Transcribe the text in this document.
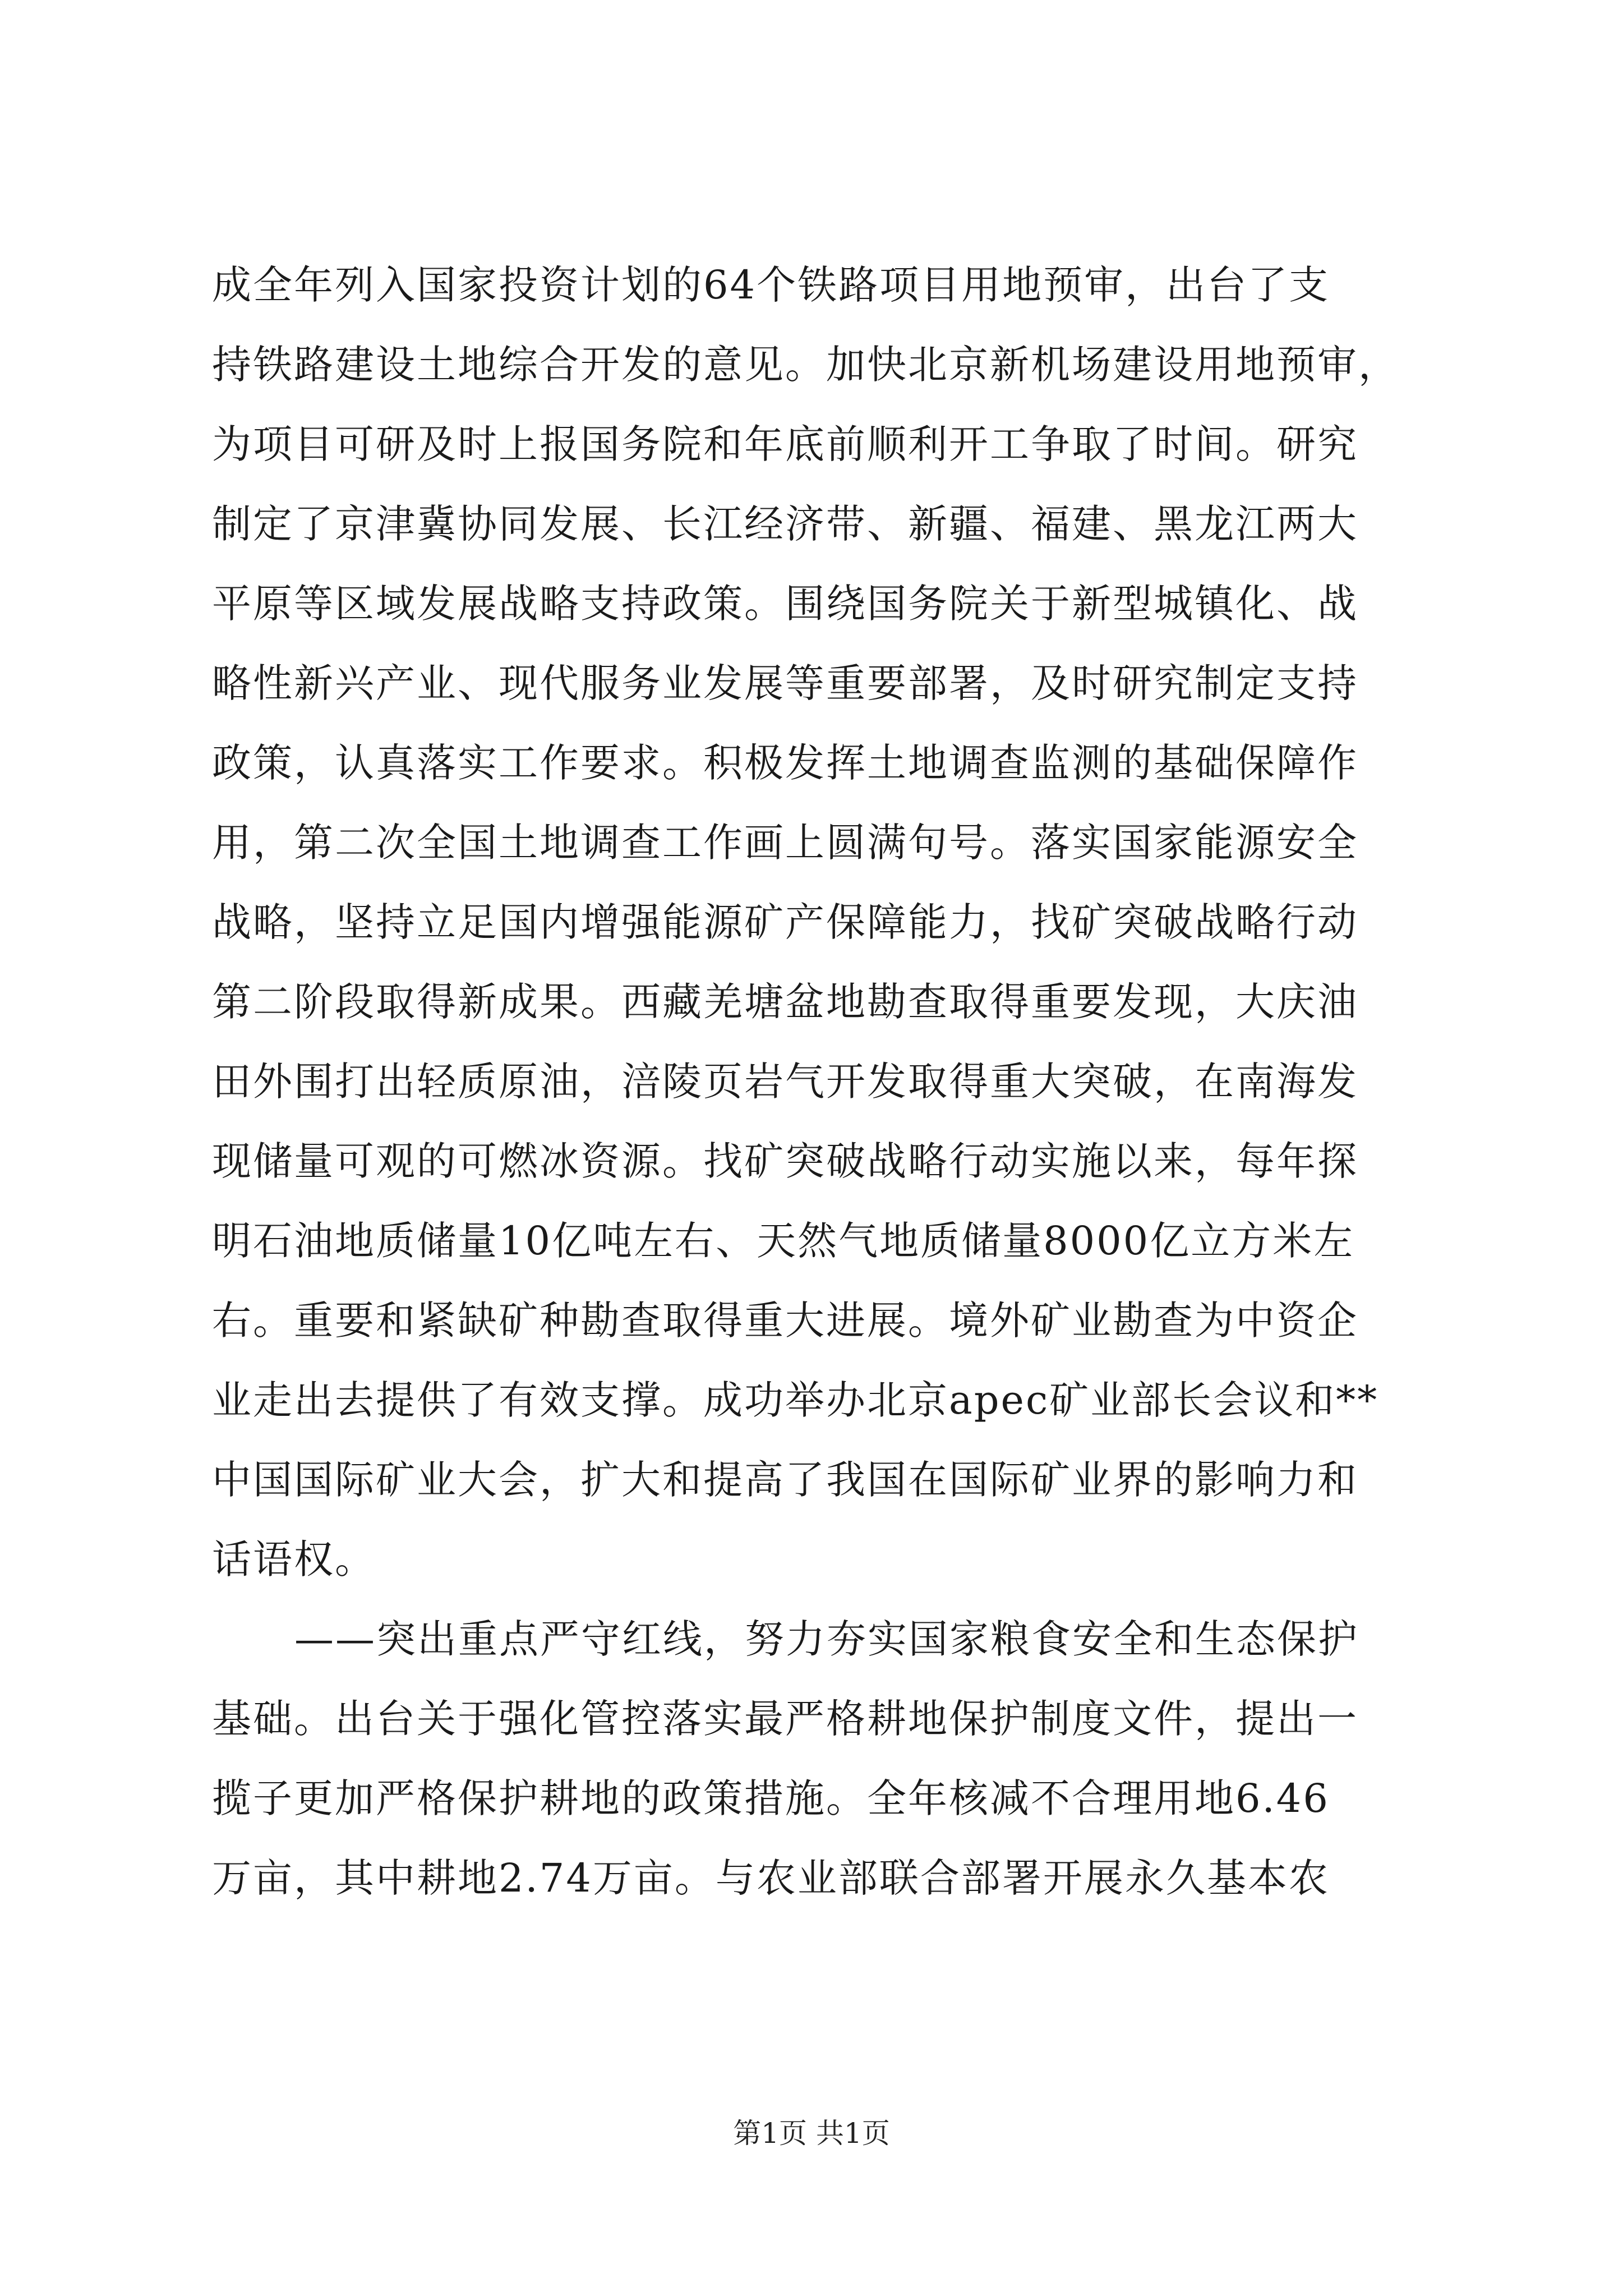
成全年列入国家投资计划的64个铁路项目用地预审，出台了支
持铁路建设土地综合开发的意见。加快北京新机场建设用地预审，
为项目可研及时上报国务院和年底前顺利开工争取了时间。研究
制定了京津冀协同发展、长江经济带、新疆、福建、黑龙江两大
平原等区域发展战略支持政策。围绕国务院关于新型城镇化、战
略性新兴产业、现代服务业发展等重要部署，及时研究制定支持
政策，认真落实工作要求。积极发挥土地调查监测的基础保障作
用，第二次全国土地调查工作画上圆满句号。落实国家能源安全
战略，坚持立足国内增强能源矿产保障能力，找矿突破战略行动
第二阶段取得新成果。西藏羌塘盆地勘查取得重要发现，大庆油
田外围打出轻质原油，涪陵页岩气开发取得重大突破，在南海发
现储量可观的可燃冰资源。找矿突破战略行动实施以来，每年探
明石油地质储量10亿吨左右、天然气地质储量8000亿立方米左
右。重要和紧缺矿种勘查取得重大进展。境外矿业勘查为中资企
业走出去提供了有效支撑。成功举办北京apec矿业部长会议和**
中国国际矿业大会，扩大和提高了我国在国际矿业界的影响力和
话语权。
——突出重点严守红线，努力夯实国家粮食安全和生态保护
基础。出台关于强化管控落实最严格耕地保护制度文件，提出一
揽子更加严格保护耕地的政策措施。全年核减不合理用地6.46
万亩，其中耕地2.74万亩。与农业部联合部署开展永久基本农
第1页 共1页
